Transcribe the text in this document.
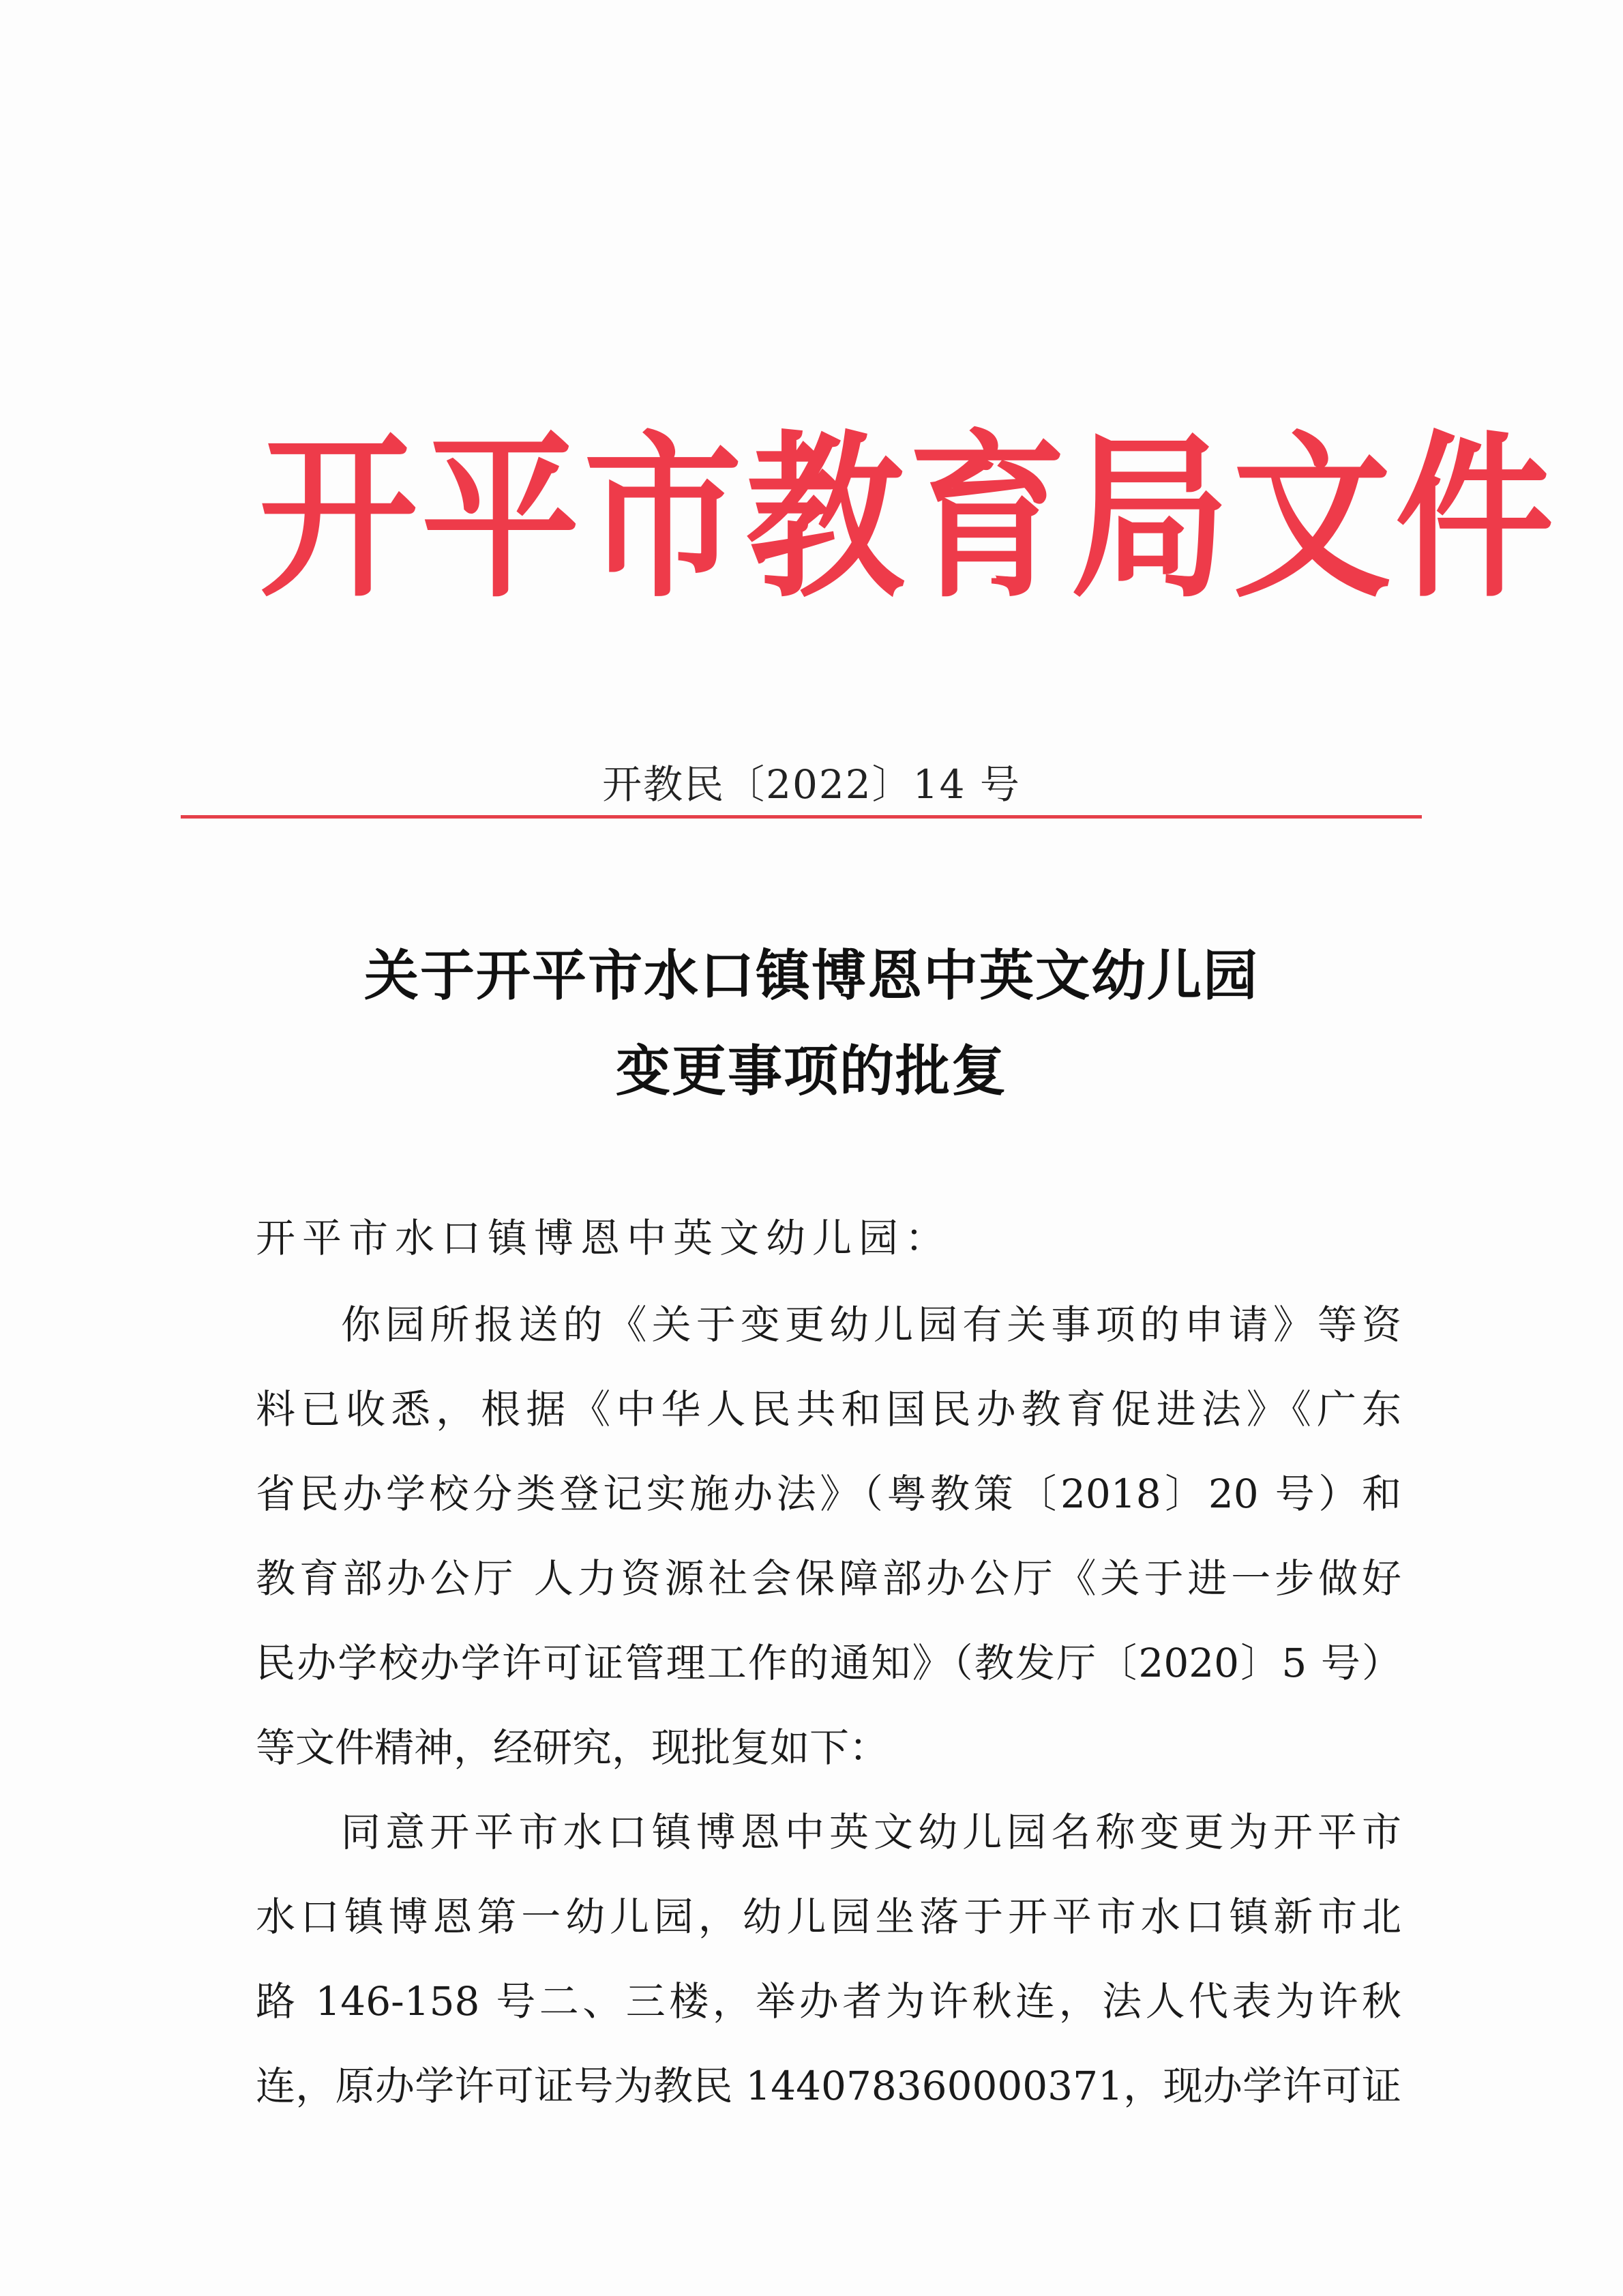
开平市教育局文件
开教民〔2022〕14 号
关于开平市水口镇博恩中英文幼儿园
变更事项的批复
开平市水口镇博恩中英文幼儿园：
你园所报送的《关于变更幼儿园有关事项的申请》等资
料已收悉，根据《中华人民共和国民办教育促进法》《广东
省民办学校分类登记实施办法》（粤教策〔2018〕20 号）和
教育部办公厅 人力资源社会保障部办公厅《关于进一步做好
民办学校办学许可证管理工作的通知》（教发厅〔2020〕5 号）
等文件精神，经研究，现批复如下：
同意开平市水口镇博恩中英文幼儿园名称变更为开平市
水口镇博恩第一幼儿园，幼儿园坐落于开平市水口镇新市北
路 146-158 号二、三楼，举办者为许秋连，法人代表为许秋
连，原办学许可证号为教民 144078360000371，现办学许可证
